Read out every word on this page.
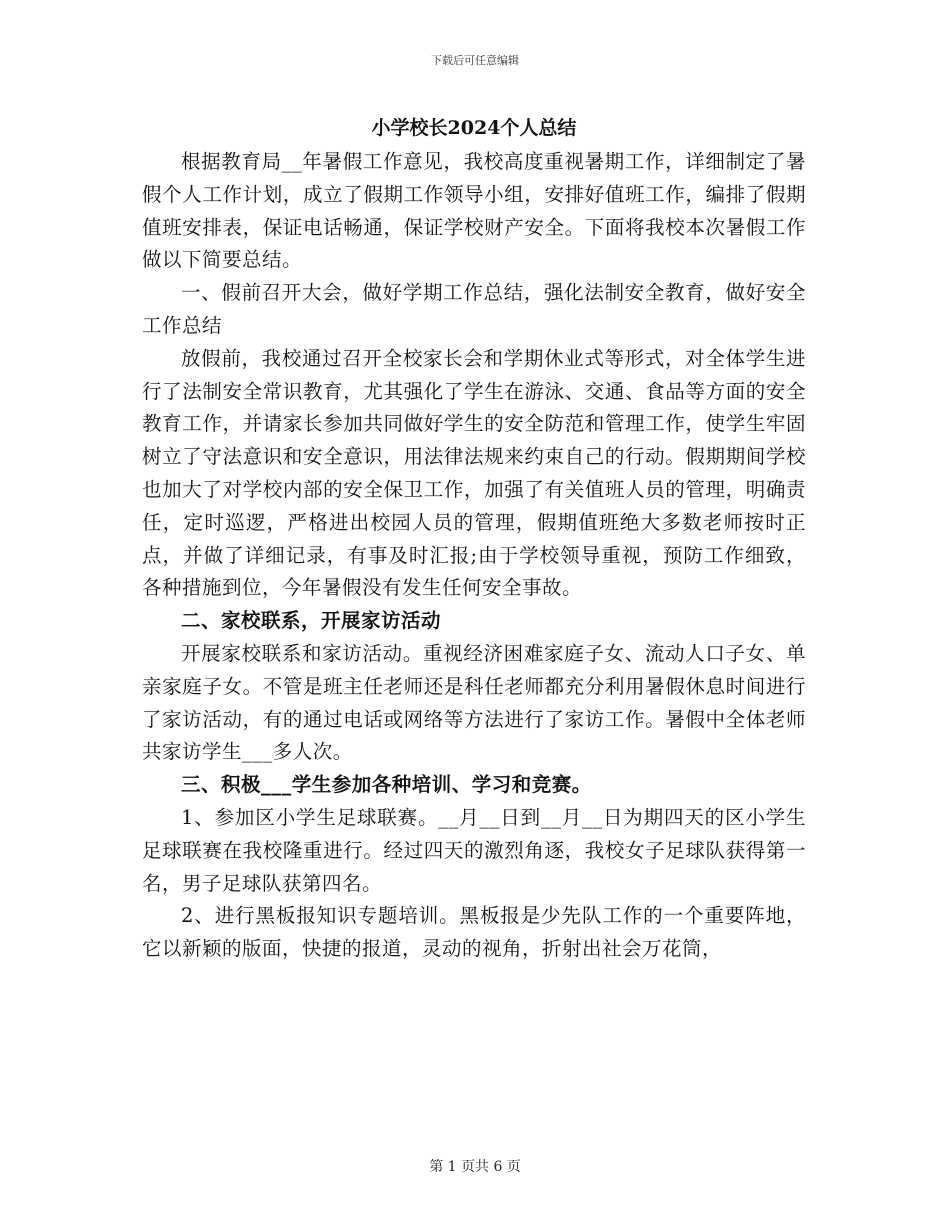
下载后可任意编辑
小学校长2024个人总结

根据教育局__年暑假工作意见，我校高度重视暑期工作，详细制定了暑假个人工作计划，成立了假期工作领导小组，安排好值班工作，编排了假期值班安排表，保证电话畅通，保证学校财产安全。下面将我校本次暑假工作做以下简要总结。

一、假前召开大会，做好学期工作总结，强化法制安全教育，做好安全工作总结

放假前，我校通过召开全校家长会和学期休业式等形式，对全体学生进行了法制安全常识教育，尤其强化了学生在游泳、交通、食品等方面的安全教育工作，并请家长参加共同做好学生的安全防范和管理工作，使学生牢固树立了守法意识和安全意识，用法律法规来约束自己的行动。假期期间学校也加大了对学校内部的安全保卫工作，加强了有关值班人员的管理，明确责任，定时巡逻，严格进出校园人员的管理，假期值班绝大多数老师按时正点，并做了详细记录，有事及时汇报;由于学校领导重视，预防工作细致，各种措施到位，今年暑假没有发生任何安全事故。

二、家校联系，开展家访活动

开展家校联系和家访活动。重视经济困难家庭子女、流动人口子女、单亲家庭子女。不管是班主任老师还是科任老师都充分利用暑假休息时间进行了家访活动，有的通过电话或网络等方法进行了家访工作。暑假中全体老师共家访学生___多人次。

三、积极___学生参加各种培训、学习和竞赛。

1、参加区小学生足球联赛。__月__日到__月__日为期四天的区小学生足球联赛在我校隆重进行。经过四天的激烈角逐，我校女子足球队获得第一名，男子足球队获第四名。

2、进行黑板报知识专题培训。黑板报是少先队工作的一个重要阵地，它以新颖的版面，快捷的报道，灵动的视角，折射出社会万花筒，

第 1 页共 6 页
